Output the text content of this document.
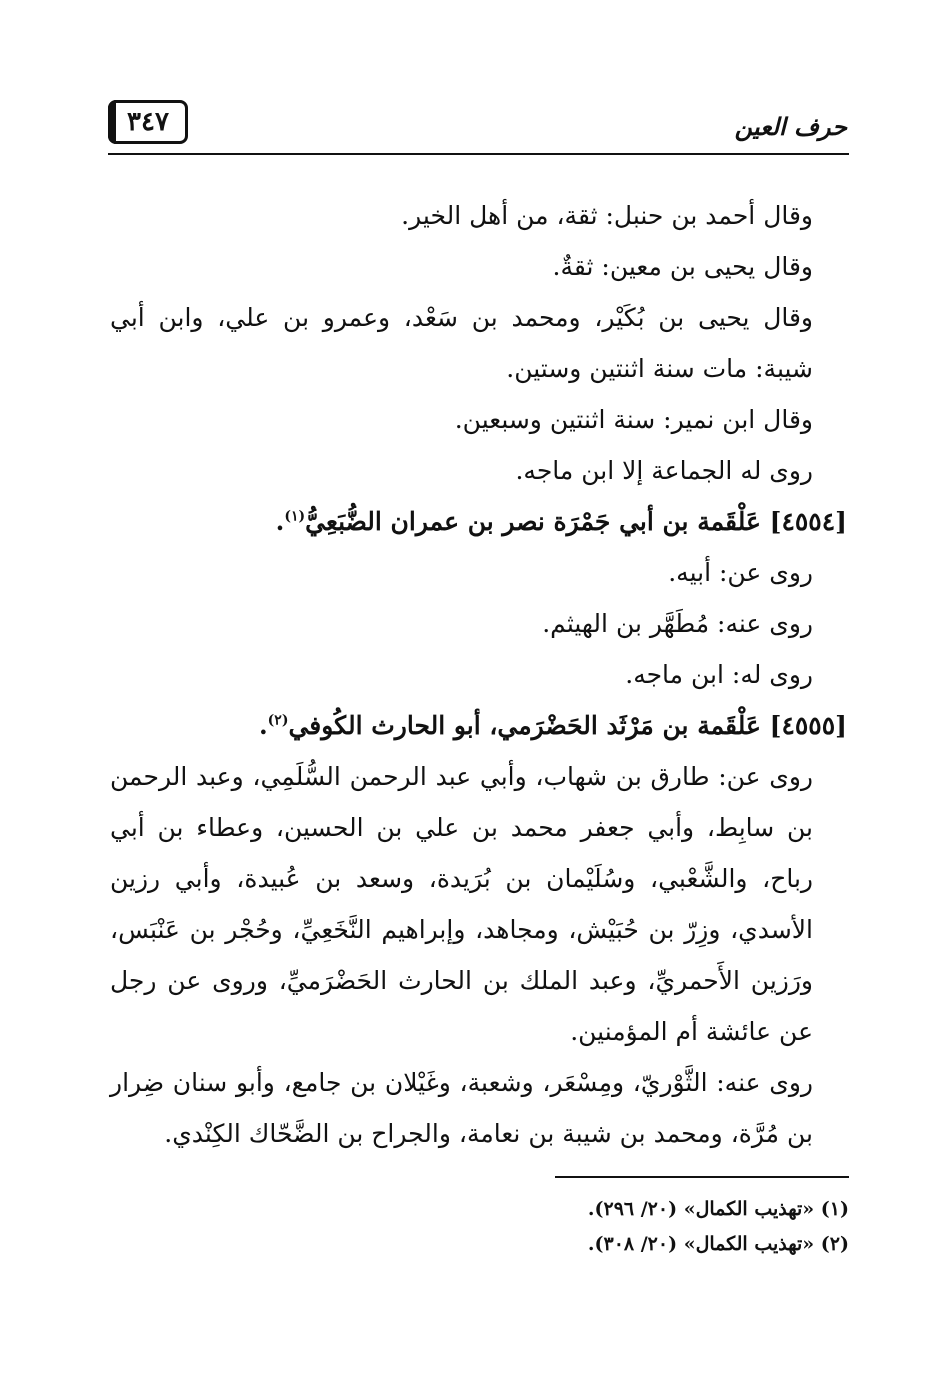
٣٤٧	حرف العين

وقال أحمد بن حنبل: ثقة، من أهل الخير.

وقال يحيى بن معين: ثقةٌ.

وقال يحيى بن بُكَيْر، ومحمد بن سَعْد، وعمرو بن علي، وابن أبي شيبة: مات سنة اثنتين وستين.

وقال ابن نمير: سنة اثنتين وسبعين.

روى له الجماعة إلا ابن ماجه.

[٤٥٥٤] عَلْقَمة بن أبي جَمْرَة نصر بن عمران الضُّبَعِيُّ$^{(١)}$.

روى عن: أبيه.

روى عنه: مُطَهَّر بن الهيثم.

روى له: ابن ماجه.

[٤٥٥٥] عَلْقَمة بن مَرْثَد الحَضْرَمي، أبو الحارث الكُوفي$^{(٢)}$.

روى عن: طارق بن شهاب، وأبي عبد الرحمن السُّلَمِي، وعبد الرحمن بن سابِط، وأبي جعفر محمد بن علي بن الحسين، وعطاء بن أبي رباح، والشَّعْبي، وسُلَيْمان بن بُرَيدة، وسعد بن عُبيدة، وأبي رزين الأسدي، وزِرّ بن حُبَيْش، ومجاهد، وإبراهيم النَّخَعِيِّ، وحُجْر بن عَنْبَس، ورَزين الأَحمريِّ، وعبد الملك بن الحارث الحَضْرَميِّ، وروى عن رجل عن عائشة أم المؤمنين.

روى عنه: الثَّوْريّ، ومِسْعَر، وشعبة، وغَيْلان بن جامع، وأبو سنان ضِرار بن مُرَّة، ومحمد بن شيبة بن نعامة، والجراح بن الضَّحّاك الكِنْدي.

(١) «تهذيب الكمال» (٢٠/ ٢٩٦).

(٢) «تهذيب الكمال» (٢٠/ ٣٠٨).
